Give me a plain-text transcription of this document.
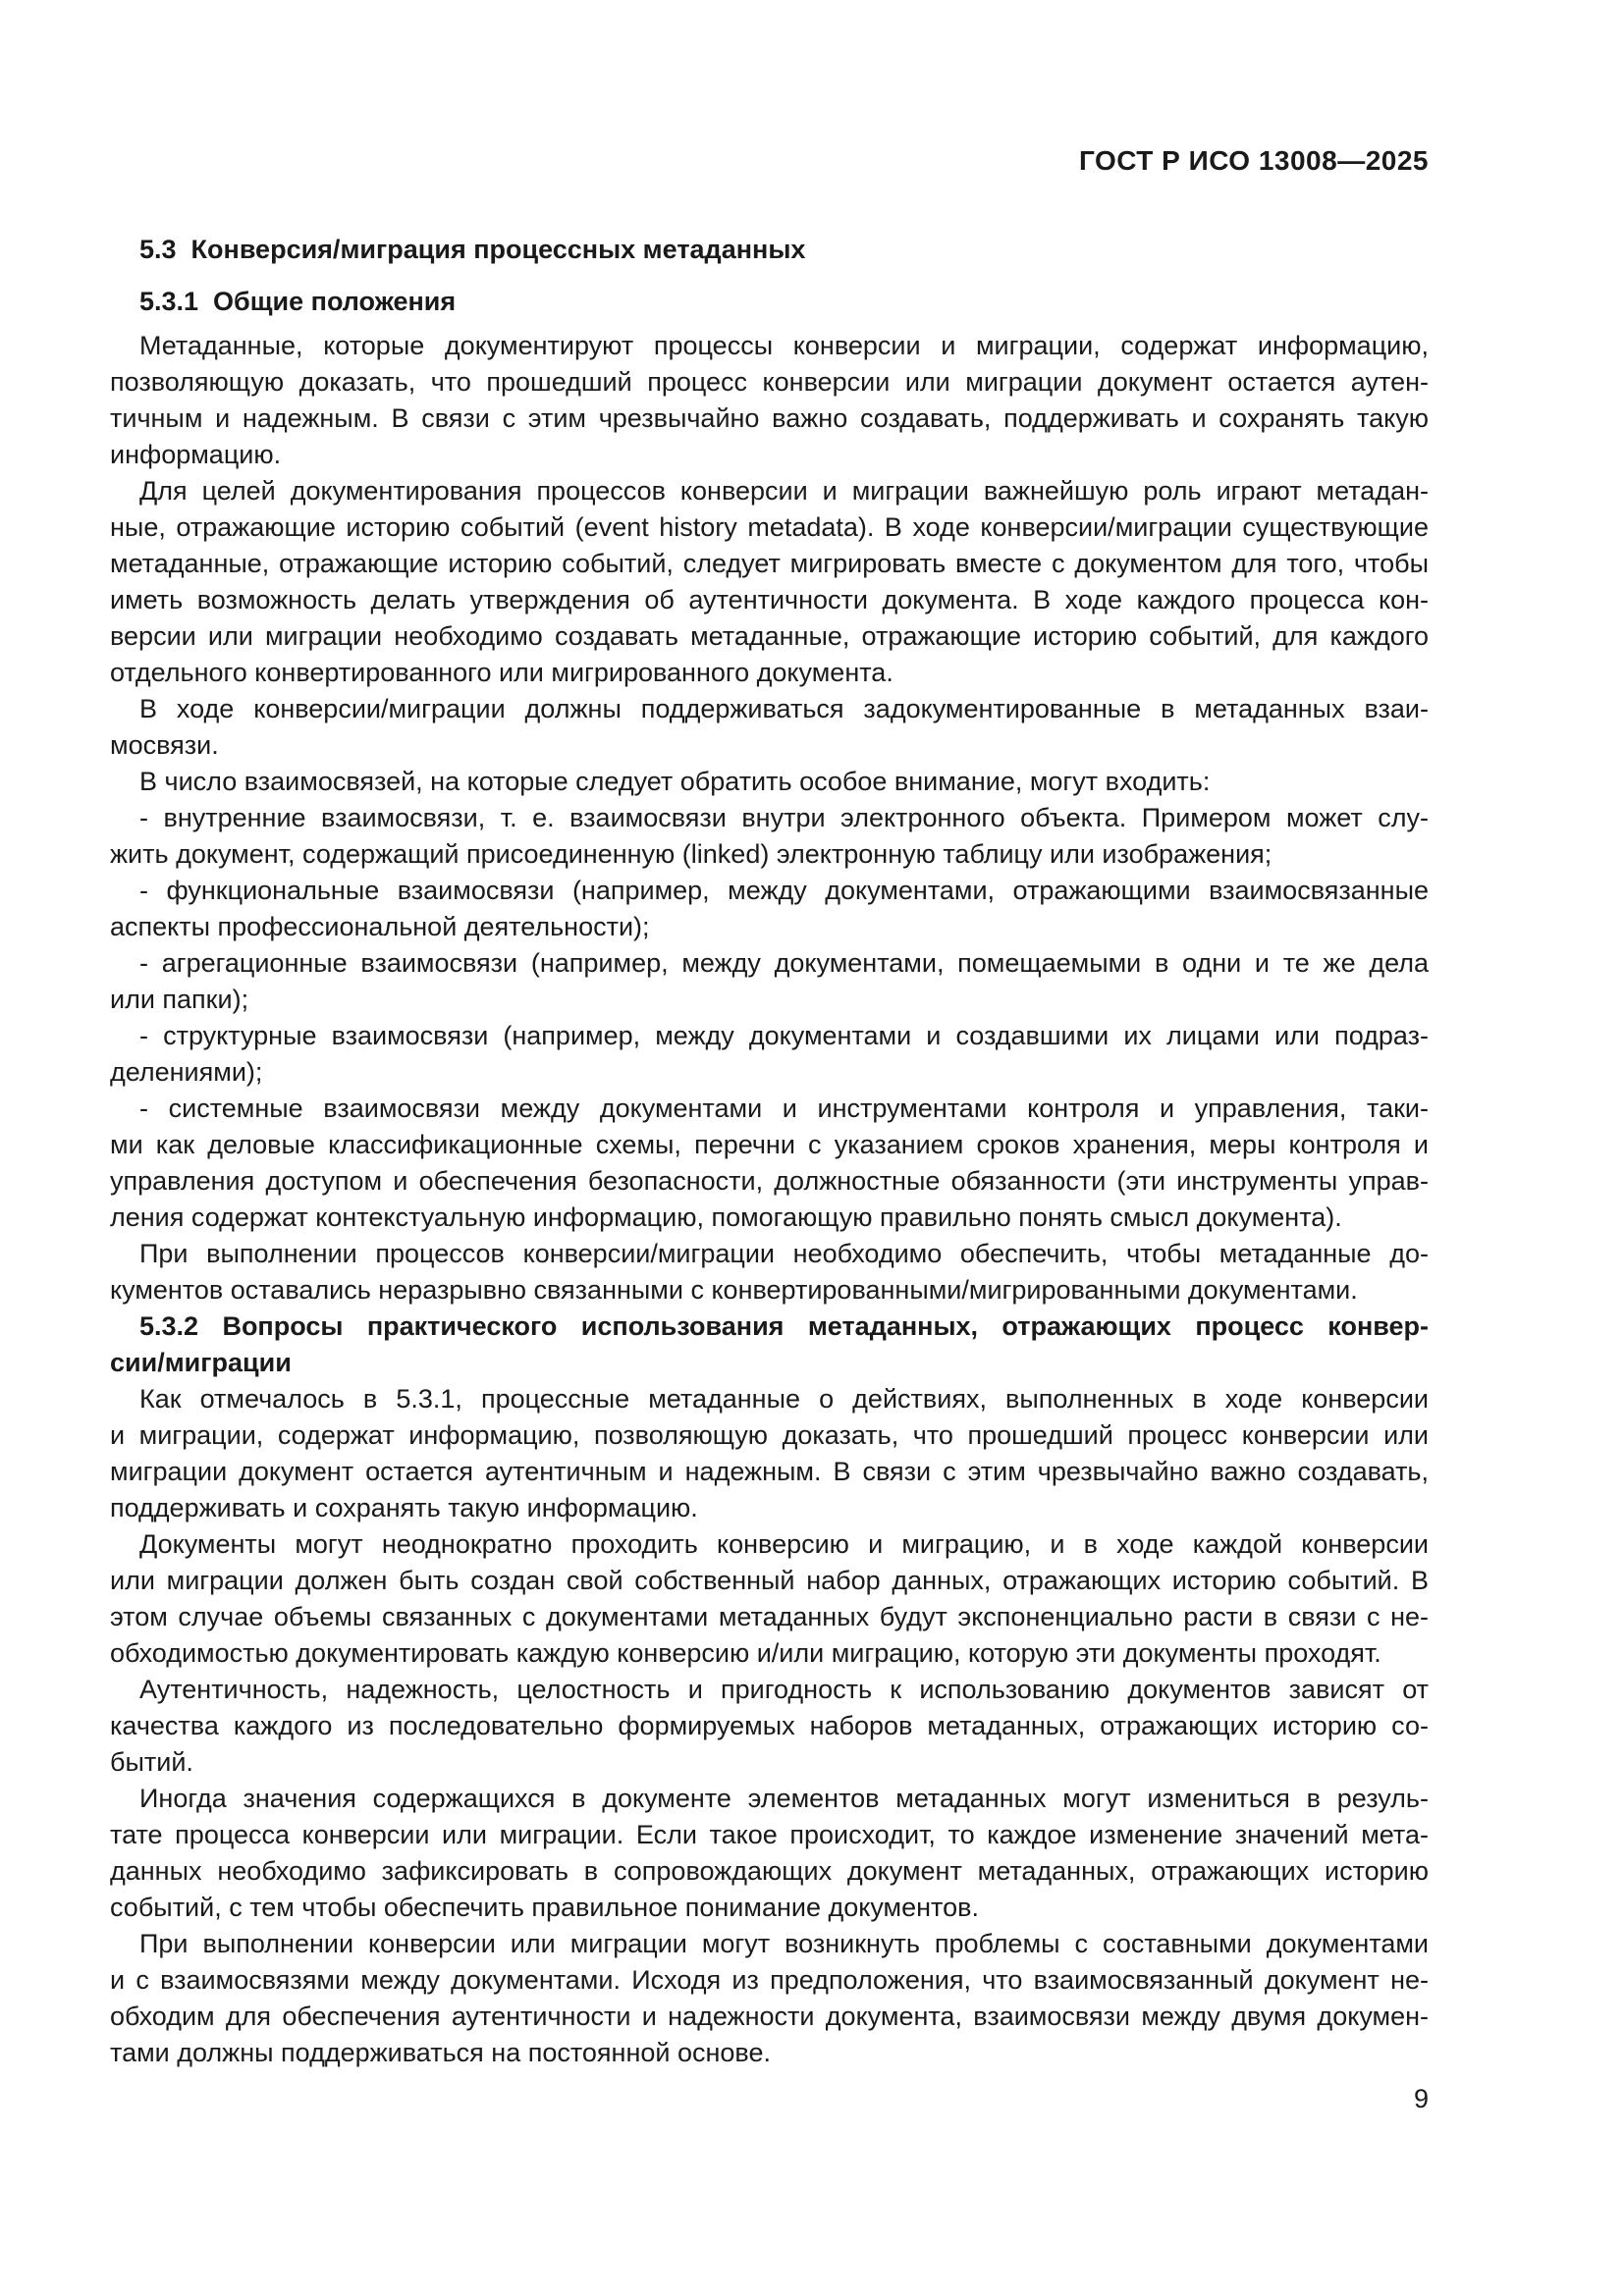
ГОСТ Р ИСО 13008—2025
5.3  Конверсия/миграция процессных метаданных
5.3.1  Общие положения
Метаданные, которые документируют процессы конверсии и миграции, содержат информацию,
позволяющую доказать, что прошедший процесс конверсии или миграции документ остается аутен-
тичным и надежным. В связи с этим чрезвычайно важно создавать, поддерживать и сохранять такую
информацию.
Для целей документирования процессов конверсии и миграции важнейшую роль играют метадан-
ные, отражающие историю событий (event history metadata). В ходе конверсии/миграции существующие
метаданные, отражающие историю событий, следует мигрировать вместе с документом для того, чтобы
иметь возможность делать утверждения об аутентичности документа. В ходе каждого процесса кон-
версии или миграции необходимо создавать метаданные, отражающие историю событий, для каждого
отдельного конвертированного или мигрированного документа.
В ходе конверсии/миграции должны поддерживаться задокументированные в метаданных взаи-
мосвязи.
В число взаимосвязей, на которые следует обратить особое внимание, могут входить:
- внутренние взаимосвязи, т. е. взаимосвязи внутри электронного объекта. Примером может слу-
жить документ, содержащий присоединенную (linked) электронную таблицу или изображения;
- функциональные взаимосвязи (например, между документами, отражающими взаимосвязанные
аспекты профессиональной деятельности);
- агрегационные взаимосвязи (например, между документами, помещаемыми в одни и те же дела
или папки);
- структурные взаимосвязи (например, между документами и создавшими их лицами или подраз-
делениями);
- системные взаимосвязи между документами и инструментами контроля и управления, таки-
ми как деловые классификационные схемы, перечни с указанием сроков хранения, меры контроля и
управления доступом и обеспечения безопасности, должностные обязанности (эти инструменты управ-
ления содержат контекстуальную информацию, помогающую правильно понять смысл документа).
При выполнении процессов конверсии/миграции необходимо обеспечить, чтобы метаданные до-
кументов оставались неразрывно связанными с конвертированными/мигрированными документами.
5.3.2 Вопросы практического использования метаданных, отражающих процесс конвер-
сии/миграции
Как отмечалось в 5.3.1, процессные метаданные о действиях, выполненных в ходе конверсии
и миграции, содержат информацию, позволяющую доказать, что прошедший процесс конверсии или
миграции документ остается аутентичным и надежным. В связи с этим чрезвычайно важно создавать,
поддерживать и сохранять такую информацию.
Документы могут неоднократно проходить конверсию и миграцию, и в ходе каждой конверсии
или миграции должен быть создан свой собственный набор данных, отражающих историю событий. В
этом случае объемы связанных с документами метаданных будут экспоненциально расти в связи с не-
обходимостью документировать каждую конверсию и/или миграцию, которую эти документы проходят.
Аутентичность, надежность, целостность и пригодность к использованию документов зависят от
качества каждого из последовательно формируемых наборов метаданных, отражающих историю со-
бытий.
Иногда значения содержащихся в документе элементов метаданных могут измениться в резуль-
тате процесса конверсии или миграции. Если такое происходит, то каждое изменение значений мета-
данных необходимо зафиксировать в сопровождающих документ метаданных, отражающих историю
событий, с тем чтобы обеспечить правильное понимание документов.
При выполнении конверсии или миграции могут возникнуть проблемы с составными документами
и с взаимосвязями между документами. Исходя из предположения, что взаимосвязанный документ не-
обходим для обеспечения аутентичности и надежности документа, взаимосвязи между двумя докумен-
тами должны поддерживаться на постоянной основе.
9
